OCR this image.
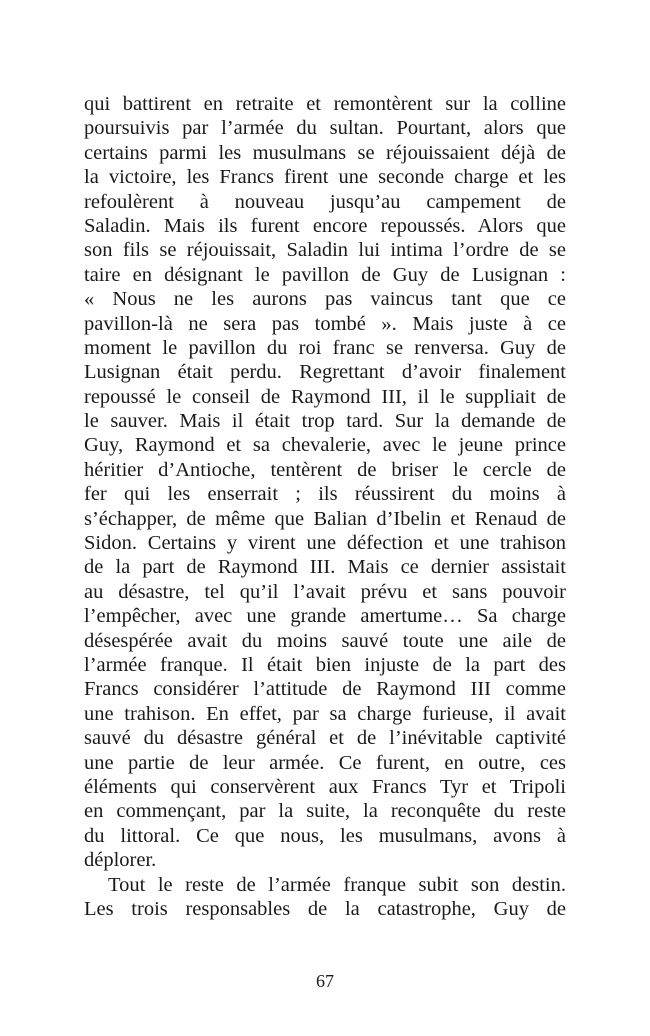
qui battirent en retraite et remontèrent sur la colline
poursuivis par l’armée du sultan. Pourtant, alors que
certains parmi les musulmans se réjouissaient déjà de
la victoire, les Francs firent une seconde charge et les
refoulèrent à nouveau jusqu’au campement de
Saladin. Mais ils furent encore repoussés. Alors que
son fils se réjouissait, Saladin lui intima l’ordre de se
taire en désignant le pavillon de Guy de Lusignan :
« Nous ne les aurons pas vaincus tant que ce
pavillon-là ne sera pas tombé ». Mais juste à ce
moment le pavillon du roi franc se renversa. Guy de
Lusignan était perdu. Regrettant d’avoir finalement
repoussé le conseil de Raymond III, il le suppliait de
le sauver. Mais il était trop tard. Sur la demande de
Guy, Raymond et sa chevalerie, avec le jeune prince
héritier d’Antioche, tentèrent de briser le cercle de
fer qui les enserrait ; ils réussirent du moins à
s’échapper, de même que Balian d’Ibelin et Renaud de
Sidon. Certains y virent une défection et une trahison
de la part de Raymond III. Mais ce dernier assistait
au désastre, tel qu’il l’avait prévu et sans pouvoir
l’empêcher, avec une grande amertume… Sa charge
désespérée avait du moins sauvé toute une aile de
l’armée franque. Il était bien injuste de la part des
Francs considérer l’attitude de Raymond III comme
une trahison. En effet, par sa charge furieuse, il avait
sauvé du désastre général et de l’inévitable captivité
une partie de leur armée. Ce furent, en outre, ces
éléments qui conservèrent aux Francs Tyr et Tripoli
en commençant, par la suite, la reconquête du reste
du littoral. Ce que nous, les musulmans, avons à
déplorer.
Tout le reste de l’armée franque subit son destin.
Les trois responsables de la catastrophe, Guy de
67
